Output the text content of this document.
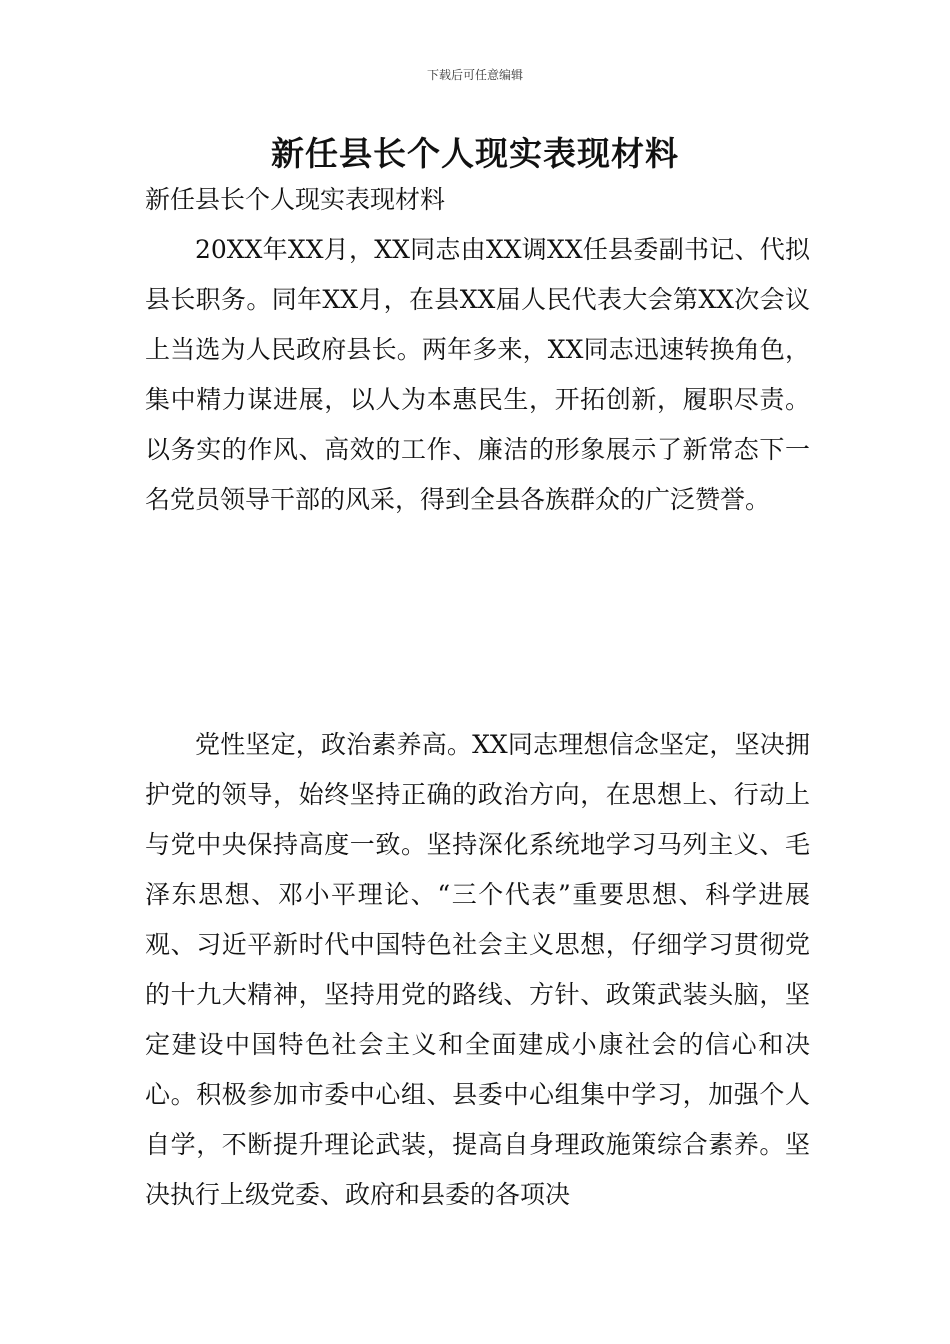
下载后可任意编辑
新任县长个人现实表现材料
新任县长个人现实表现材料

20XX年XX月，XX同志由XX调XX任县委副书记、代拟县长职务。同年XX月，在县XX届人民代表大会第XX次会议上当选为人民政府县长。两年多来，XX同志迅速转换角色，集中精力谋进展，以人为本惠民生，开拓创新，履职尽责。以务实的作风、高效的工作、廉洁的形象展示了新常态下一名党员领导干部的风采，得到全县各族群众的广泛赞誉。

党性坚定，政治素养高。XX同志理想信念坚定，坚决拥护党的领导，始终坚持正确的政治方向，在思想上、行动上与党中央保持高度一致。坚持深化系统地学习马列主义、毛泽东思想、邓小平理论、“三个代表”重要思想、科学进展观、习近平新时代中国特色社会主义思想，仔细学习贯彻党的十九大精神，坚持用党的路线、方针、政策武装头脑，坚定建设中国特色社会主义和全面建成小康社会的信心和决心。积极参加市委中心组、县委中心组集中学习，加强个人自学，不断提升理论武装，提高自身理政施策综合素养。坚决执行上级党委、政府和县委的各项决
